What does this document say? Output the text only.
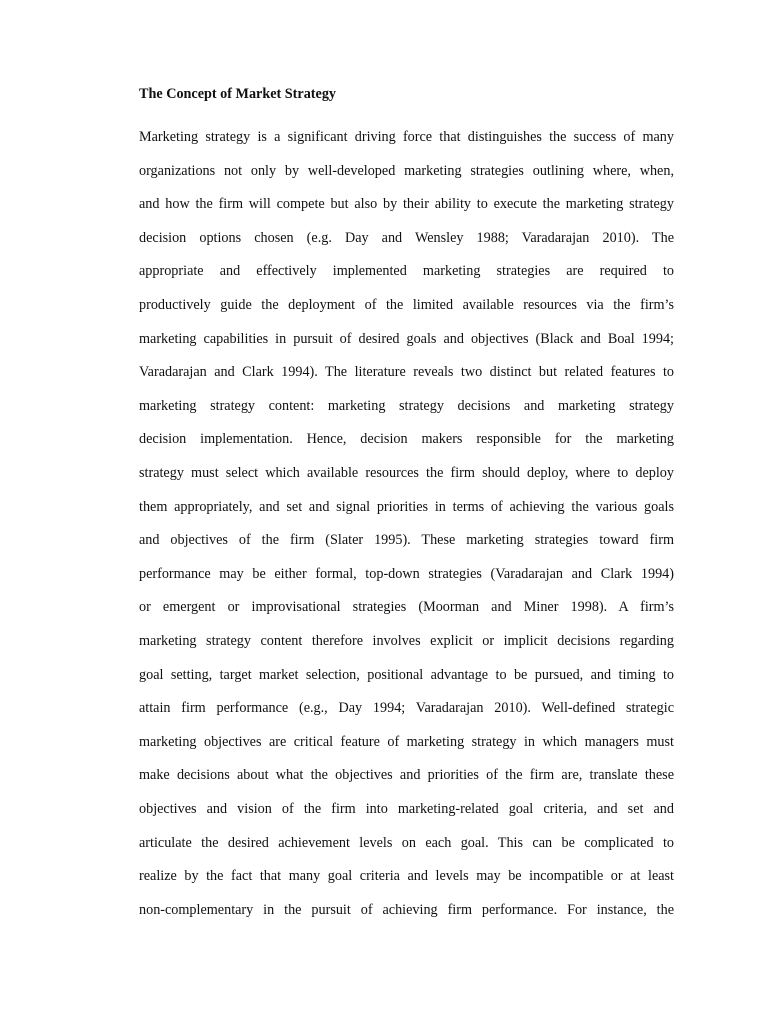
The Concept of Market Strategy
Marketing strategy is a significant driving force that distinguishes the success of many
organizations not only by well-developed marketing strategies outlining where, when,
and how the firm will compete but also by their ability to execute the marketing strategy
decision options chosen (e.g. Day and Wensley 1988; Varadarajan 2010). The
appropriate and effectively implemented marketing strategies are required to
productively guide the deployment of the limited available resources via the firm’s
marketing capabilities in pursuit of desired goals and objectives (Black and Boal 1994;
Varadarajan and Clark 1994). The literature reveals two distinct but related features to
marketing strategy content: marketing strategy decisions and marketing strategy
decision implementation. Hence, decision makers responsible for the marketing
strategy must select which available resources the firm should deploy, where to deploy
them appropriately, and set and signal priorities in terms of achieving the various goals
and objectives of the firm (Slater 1995). These marketing strategies toward firm
performance may be either formal, top-down strategies (Varadarajan and Clark 1994)
or emergent or improvisational strategies (Moorman and Miner 1998). A firm’s
marketing strategy content therefore involves explicit or implicit decisions regarding
goal setting, target market selection, positional advantage to be pursued, and timing to
attain firm performance (e.g., Day 1994; Varadarajan 2010). Well-defined strategic
marketing objectives are critical feature of marketing strategy in which managers must
make decisions about what the objectives and priorities of the firm are, translate these
objectives and vision of the firm into marketing-related goal criteria, and set and
articulate the desired achievement levels on each goal. This can be complicated to
realize by the fact that many goal criteria and levels may be incompatible or at least
non-complementary in the pursuit of achieving firm performance. For instance, the
